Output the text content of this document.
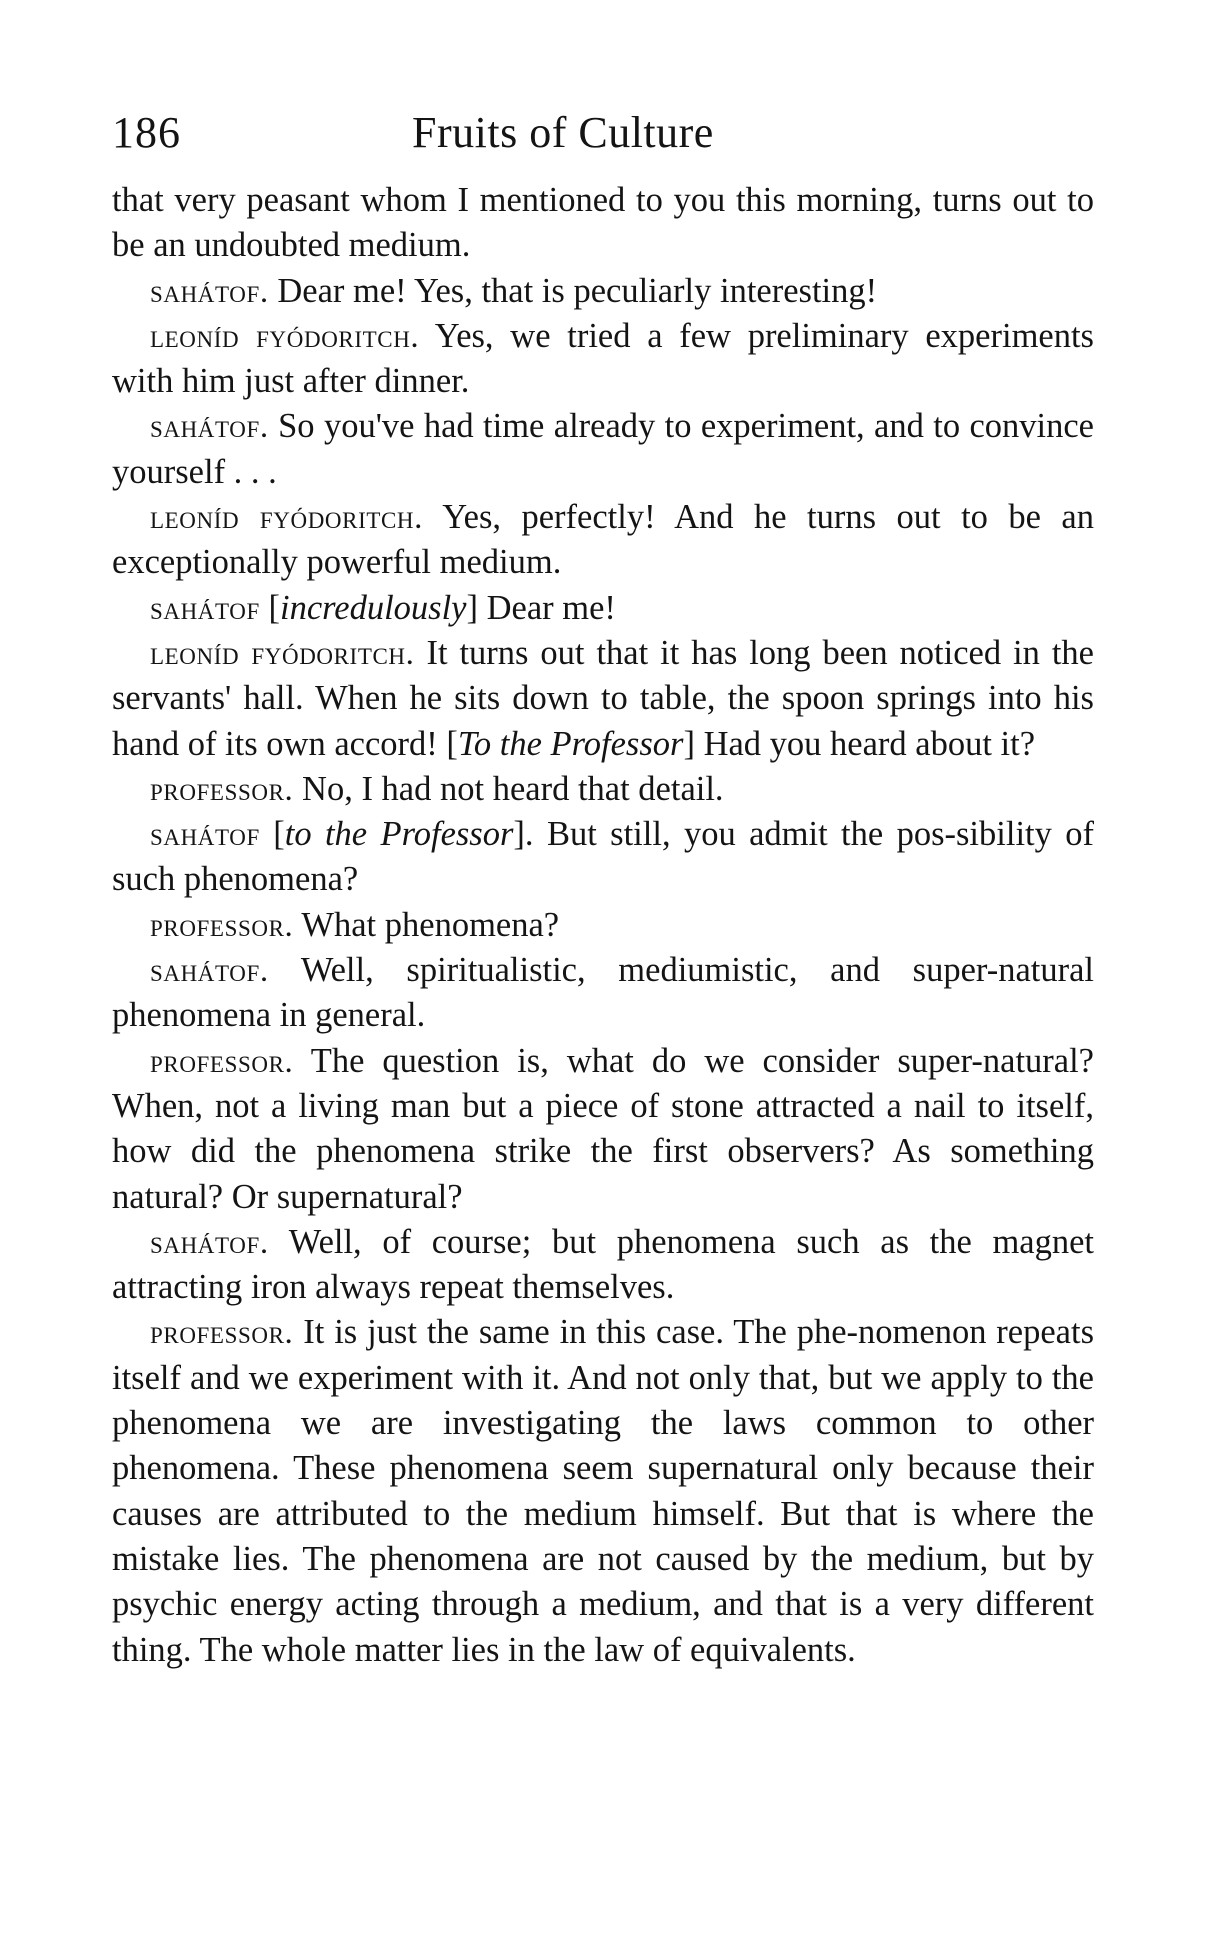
186	Fruits of Culture

that very peasant whom I mentioned to you this morning, turns out to be an undoubted medium.

sahátof. Dear me! Yes, that is peculiarly interesting!

leoníd fyódoritch. Yes, we tried a few preliminary experiments with him just after dinner.

sahátof. So you've had time already to experiment, and to convince yourself . . .

leoníd fyódoritch. Yes, perfectly! And he turns out to be an exceptionally powerful medium.

sahátof [incredulously] Dear me!

leoníd fyódoritch. It turns out that it has long been noticed in the servants' hall. When he sits down to table, the spoon springs into his hand of its own accord! [To the Professor] Had you heard about it?

professor. No, I had not heard that detail.

sahátof [to the Professor]. But still, you admit the pos-sibility of such phenomena?

professor. What phenomena?

sahátof. Well, spiritualistic, mediumistic, and super-natural phenomena in general.

professor. The question is, what do we consider super-natural? When, not a living man but a piece of stone attracted a nail to itself, how did the phenomena strike the first observers? As something natural? Or supernatural?

sahátof. Well, of course; but phenomena such as the magnet attracting iron always repeat themselves.

professor. It is just the same in this case. The phe-nomenon repeats itself and we experiment with it. And not only that, but we apply to the phenomena we are investigating the laws common to other phenomena. These phenomena seem supernatural only because their causes are attributed to the medium himself. But that is where the mistake lies. The phenomena are not caused by the medium, but by psychic energy acting through a medium, and that is a very different thing. The whole matter lies in the law of equivalents.
